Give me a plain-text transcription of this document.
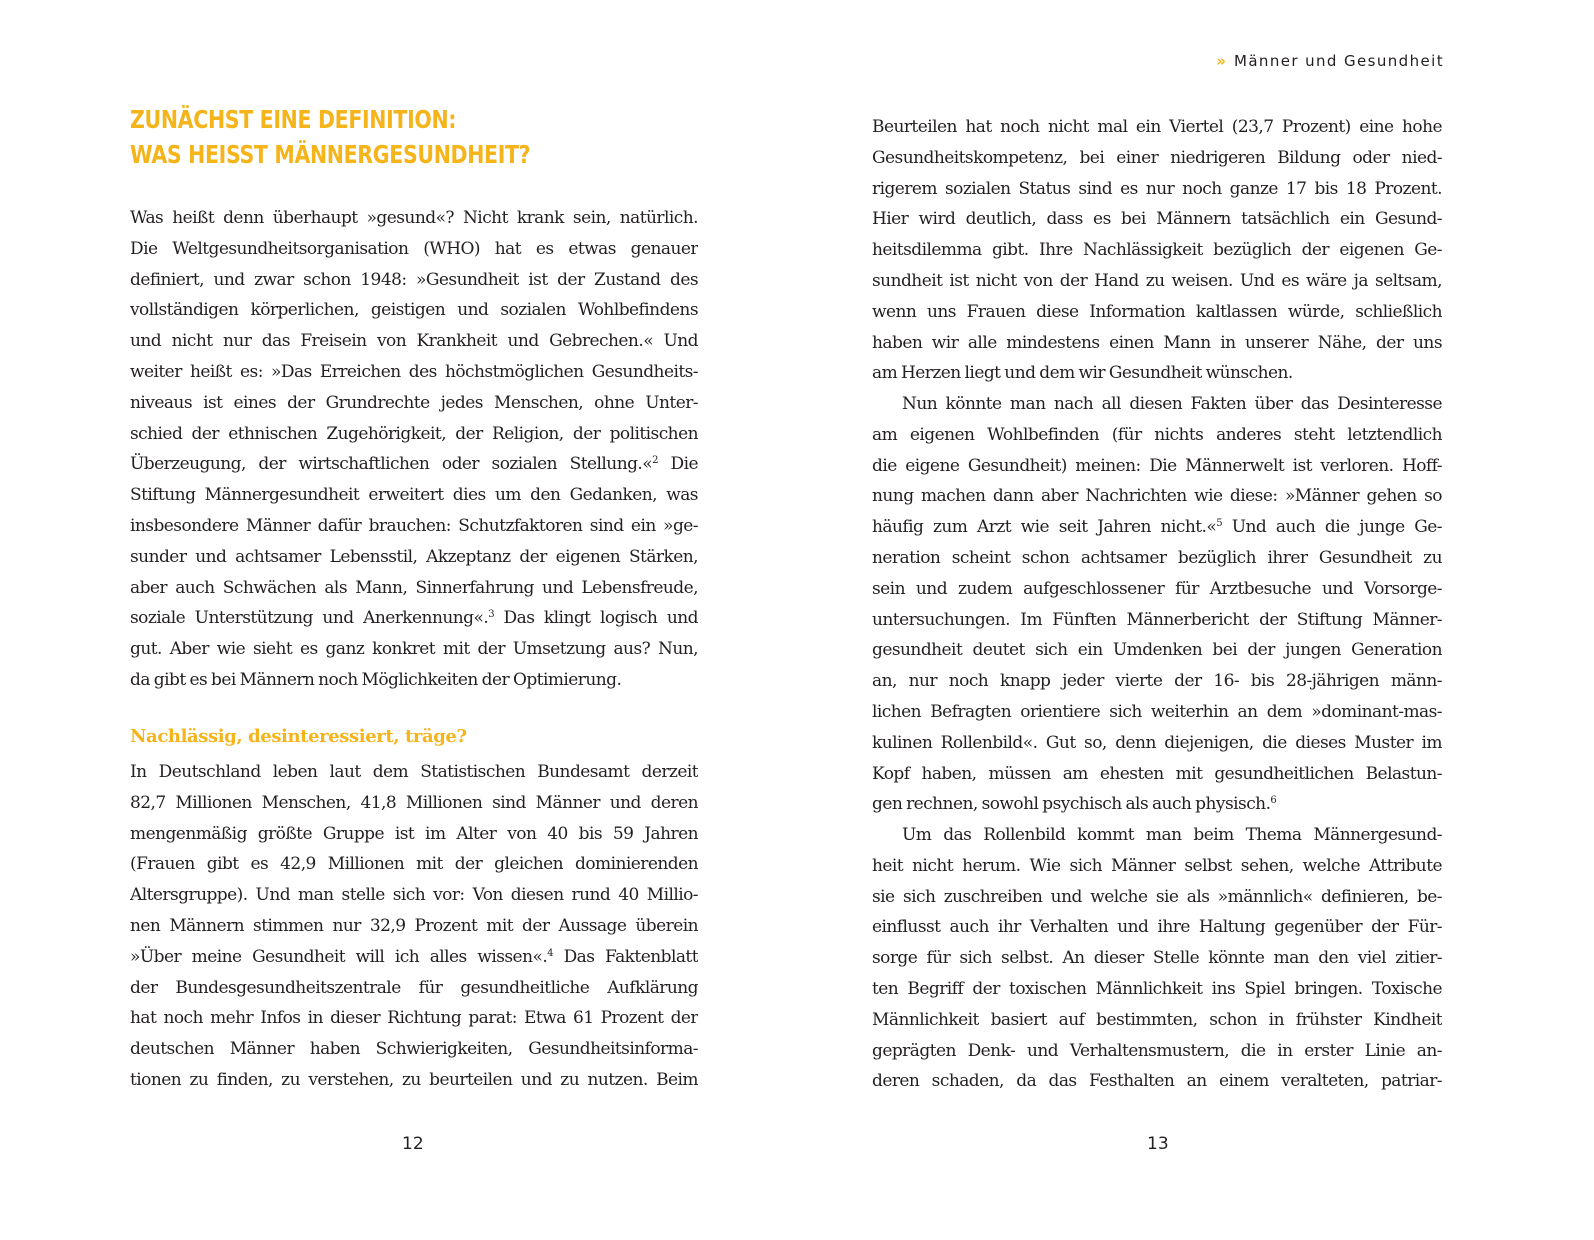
ZUNÄCHST EINE DEFINITION:
WAS HEISST MÄNNERGESUNDHEIT?
Was heißt denn überhaupt »gesund«? Nicht krank sein, natürlich.
Die Weltgesundheitsorganisation (WHO) hat es etwas genauer
definiert, und zwar schon 1948: »Gesundheit ist der Zustand des
vollständigen körperlichen, geistigen und sozialen Wohlbefindens
und nicht nur das Freisein von Krankheit und Gebrechen.« Und
weiter heißt es: »Das Erreichen des höchstmöglichen Gesundheits-
niveaus ist eines der Grundrechte jedes Menschen, ohne Unter-
schied der ethnischen Zugehörigkeit, der Religion, der politischen
Überzeugung, der wirtschaftlichen oder sozialen Stellung.«$^2$ Die
Stiftung Männergesundheit erweitert dies um den Gedanken, was
insbesondere Männer dafür brauchen: Schutzfaktoren sind ein »ge-
sunder und achtsamer Lebensstil, Akzeptanz der eigenen Stärken,
aber auch Schwächen als Mann, Sinnerfahrung und Lebensfreude,
soziale Unterstützung und Anerkennung«.$^3$ Das klingt logisch und
gut. Aber wie sieht es ganz konkret mit der Umsetzung aus? Nun,
da gibt es bei Männern noch Möglichkeiten der Optimierung.
Nachlässig, desinteressiert, träge?
In Deutschland leben laut dem Statistischen Bundesamt derzeit
82,7 Millionen Menschen, 41,8 Millionen sind Männer und deren
mengenmäßig größte Gruppe ist im Alter von 40 bis 59 Jahren
(Frauen gibt es 42,9 Millionen mit der gleichen dominierenden
Altersgruppe). Und man stelle sich vor: Von diesen rund 40 Millio-
nen Männern stimmen nur 32,9 Prozent mit der Aussage überein
»Über meine Gesundheit will ich alles wissen«.$^4$ Das Faktenblatt
der Bundesgesundheitszentrale für gesundheitliche Aufklärung
hat noch mehr Infos in dieser Richtung parat: Etwa 61 Prozent der
deutschen Männer haben Schwierigkeiten, Gesundheitsinforma-
tionen zu finden, zu verstehen, zu beurteilen und zu nutzen. Beim
12
» Männer und Gesundheit
Beurteilen hat noch nicht mal ein Viertel (23,7 Prozent) eine hohe
Gesundheitskompetenz, bei einer niedrigeren Bildung oder nied-
rigerem sozialen Status sind es nur noch ganze 17 bis 18 Prozent.
Hier wird deutlich, dass es bei Männern tatsächlich ein Gesund-
heitsdilemma gibt. Ihre Nachlässigkeit bezüglich der eigenen Ge-
sundheit ist nicht von der Hand zu weisen. Und es wäre ja seltsam,
wenn uns Frauen diese Information kaltlassen würde, schließlich
haben wir alle mindestens einen Mann in unserer Nähe, der uns
am Herzen liegt und dem wir Gesundheit wünschen.
Nun könnte man nach all diesen Fakten über das Desinteresse
am eigenen Wohlbefinden (für nichts anderes steht letztendlich
die eigene Gesundheit) meinen: Die Männerwelt ist verloren. Hoff-
nung machen dann aber Nachrichten wie diese: »Männer gehen so
häufig zum Arzt wie seit Jahren nicht.«$^5$ Und auch die junge Ge-
neration scheint schon achtsamer bezüglich ihrer Gesundheit zu
sein und zudem aufgeschlossener für Arztbesuche und Vorsorge-
untersuchungen. Im Fünften Männerbericht der Stiftung Männer-
gesundheit deutet sich ein Umdenken bei der jungen Generation
an, nur noch knapp jeder vierte der 16- bis 28-jährigen männ-
lichen Befragten orientiere sich weiterhin an dem »dominant-mas-
kulinen Rollenbild«. Gut so, denn diejenigen, die dieses Muster im
Kopf haben, müssen am ehesten mit gesundheitlichen Belastun-
gen rechnen, sowohl psychisch als auch physisch.$^6$
Um das Rollenbild kommt man beim Thema Männergesund-
heit nicht herum. Wie sich Männer selbst sehen, welche Attribute
sie sich zuschreiben und welche sie als »männlich« definieren, be-
einflusst auch ihr Verhalten und ihre Haltung gegenüber der Für-
sorge für sich selbst. An dieser Stelle könnte man den viel zitier-
ten Begriff der toxischen Männlichkeit ins Spiel bringen. Toxische
Männlichkeit basiert auf bestimmten, schon in frühster Kindheit
geprägten Denk- und Verhaltensmustern, die in erster Linie an-
deren schaden, da das Festhalten an einem veralteten, patriar-
13
